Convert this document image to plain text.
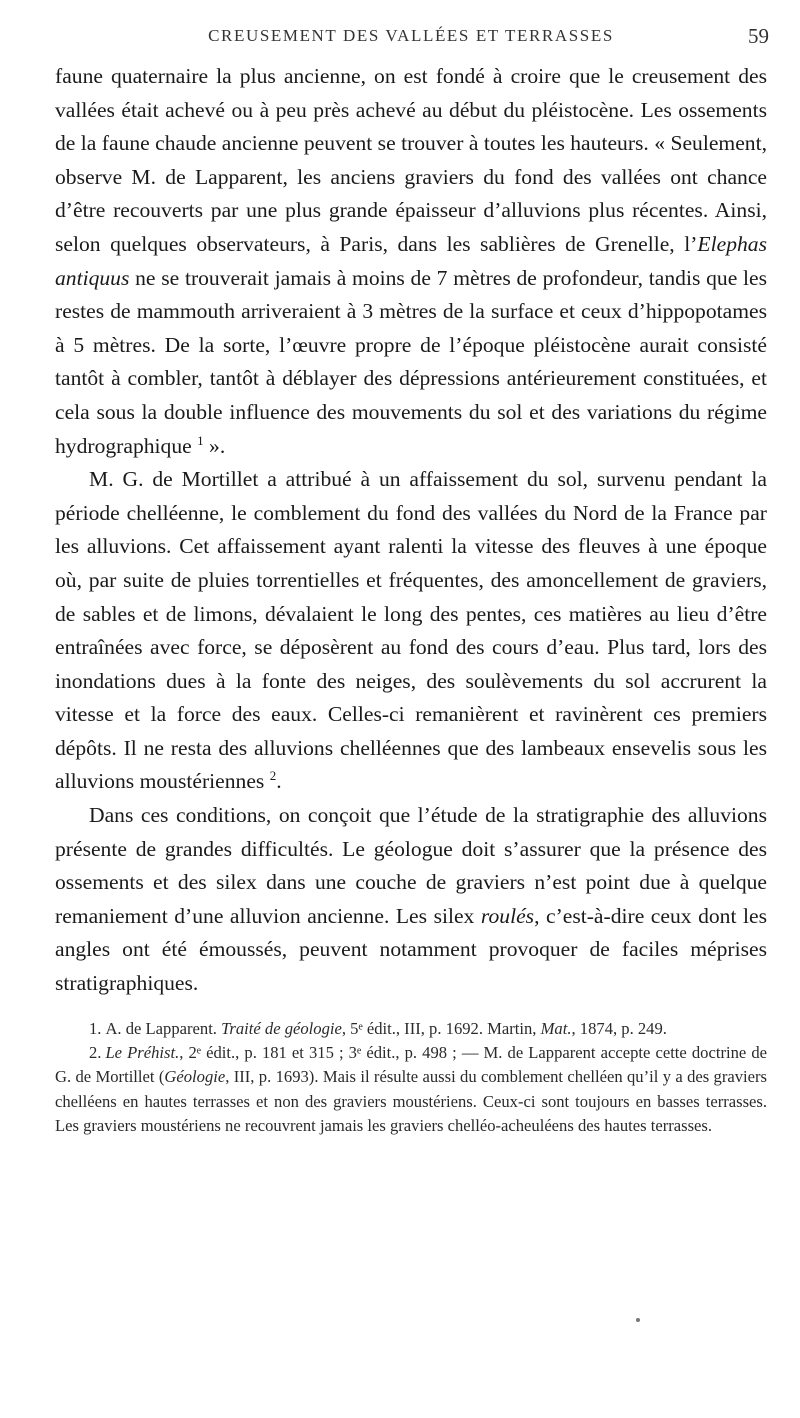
CREUSEMENT DES VALLÉES ET TERRASSES	59

faune quaternaire la plus ancienne, on est fondé à croire que le creusement des vallées était achevé ou à peu près achevé au début du pléistocène. Les ossements de la faune chaude ancienne peuvent se trouver à toutes les hauteurs. « Seulement, observe M. de Lapparent, les anciens graviers du fond des vallées ont chance d’être recouverts par une plus grande épaisseur d’alluvions plus récentes. Ainsi, selon quelques observateurs, à Paris, dans les sablières de Grenelle, l’Elephas antiquus ne se trouverait jamais à moins de 7 mètres de profondeur, tandis que les restes de mammouth arriveraient à 3 mètres de la surface et ceux d’hippopotames à 5 mètres. De la sorte, l’œuvre propre de l’époque pléistocène aurait consisté tantôt à combler, tantôt à déblayer des dépressions antérieurement constituées, et cela sous la double influence des mouvements du sol et des variations du régime hydrographique $^1$ ».

M. G. de Mortillet a attribué à un affaissement du sol, survenu pendant la période chelléenne, le comblement du fond des vallées du Nord de la France par les alluvions. Cet affaissement ayant ralenti la vitesse des fleuves à une époque où, par suite de pluies torrentielles et fréquentes, des amoncellement de graviers, de sables et de limons, dévalaient le long des pentes, ces matières au lieu d’être entraînées avec force, se déposèrent au fond des cours d’eau. Plus tard, lors des inondations dues à la fonte des neiges, des soulèvements du sol accrurent la vitesse et la force des eaux. Celles-ci remanièrent et ravinèrent ces premiers dépôts. Il ne resta des alluvions chelléennes que des lambeaux ensevelis sous les alluvions moustériennes $^2$.

Dans ces conditions, on conçoit que l’étude de la stratigraphie des alluvions présente de grandes difficultés. Le géologue doit s’assurer que la présence des ossements et des silex dans une couche de graviers n’est point due à quelque remaniement d’une alluvion ancienne. Les silex roulés, c’est-à-dire ceux dont les angles ont été émoussés, peuvent notamment provoquer de faciles méprises stratigraphiques.

1. A. de Lapparent. Traité de géologie, 5ᵉ édit., III, p. 1692. Martin, Mat., 1874, p. 249.

2. Le Préhist., 2ᵉ édit., p. 181 et 315 ; 3ᵉ édit., p. 498 ; — M. de Lapparent accepte cette doctrine de G. de Mortillet (Géologie, III, p. 1693). Mais il résulte aussi du comblement chelléen qu’il y a des graviers chelléens en hautes terrasses et non des graviers moustériens. Ceux-ci sont toujours en basses terrasses. Les graviers moustériens ne recouvrent jamais les graviers chelléo-acheuléens des hautes terrasses.
